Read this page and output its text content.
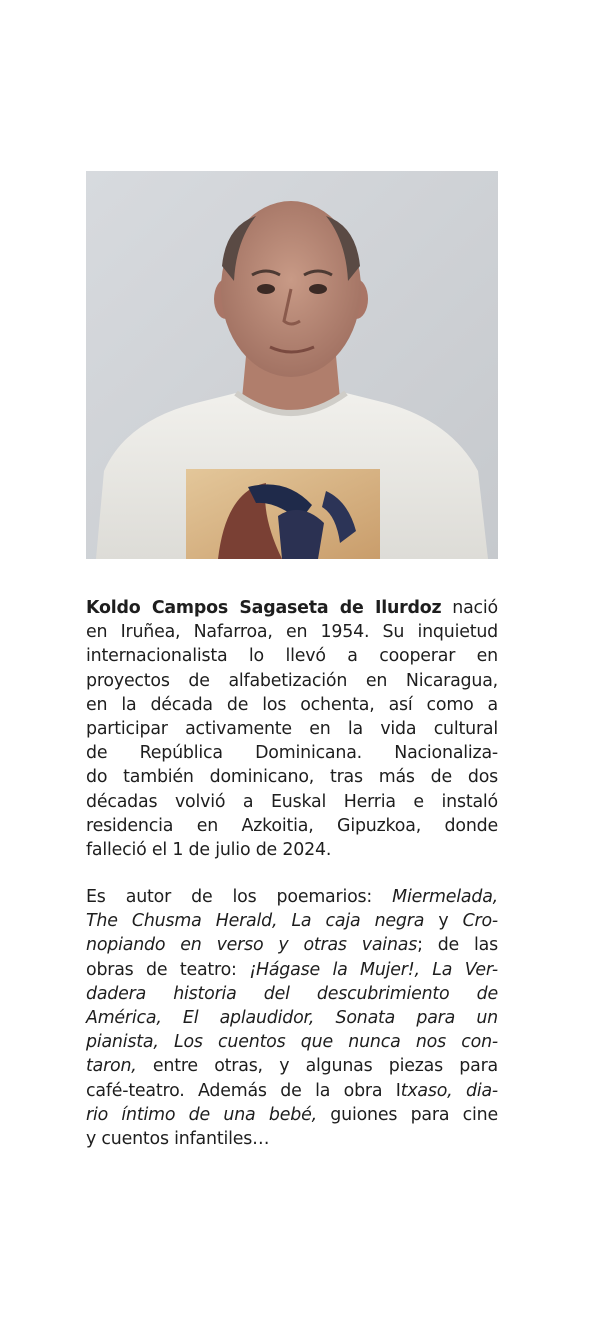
Koldo Campos Sagaseta de Ilurdoz nació
en Iruñea, Nafarroa, en 1954. Su inquietud
internacionalista lo llevó a cooperar en
proyectos de alfabetización en Nicaragua,
en la década de los ochenta, así como a
participar activamente en la vida cultural
de República Dominicana. Nacionaliza-
do también dominicano, tras más de dos
décadas volvió a Euskal Herria e instaló
residencia en Azkoitia, Gipuzkoa, donde
falleció el 1 de julio de 2024.
Es autor de los poemarios: Miermelada,
The Chusma Herald, La caja negra y Cro-
nopiando en verso y otras vainas; de las
obras de teatro: ¡Hágase la Mujer!, La Ver-
dadera historia del descubrimiento de
América, El aplaudidor, Sonata para un
pianista, Los cuentos que nunca nos con-
taron, entre otras, y algunas piezas para
café-teatro. Además de la obra Itxaso, dia-
rio íntimo de una bebé, guiones para cine
y cuentos infantiles…
